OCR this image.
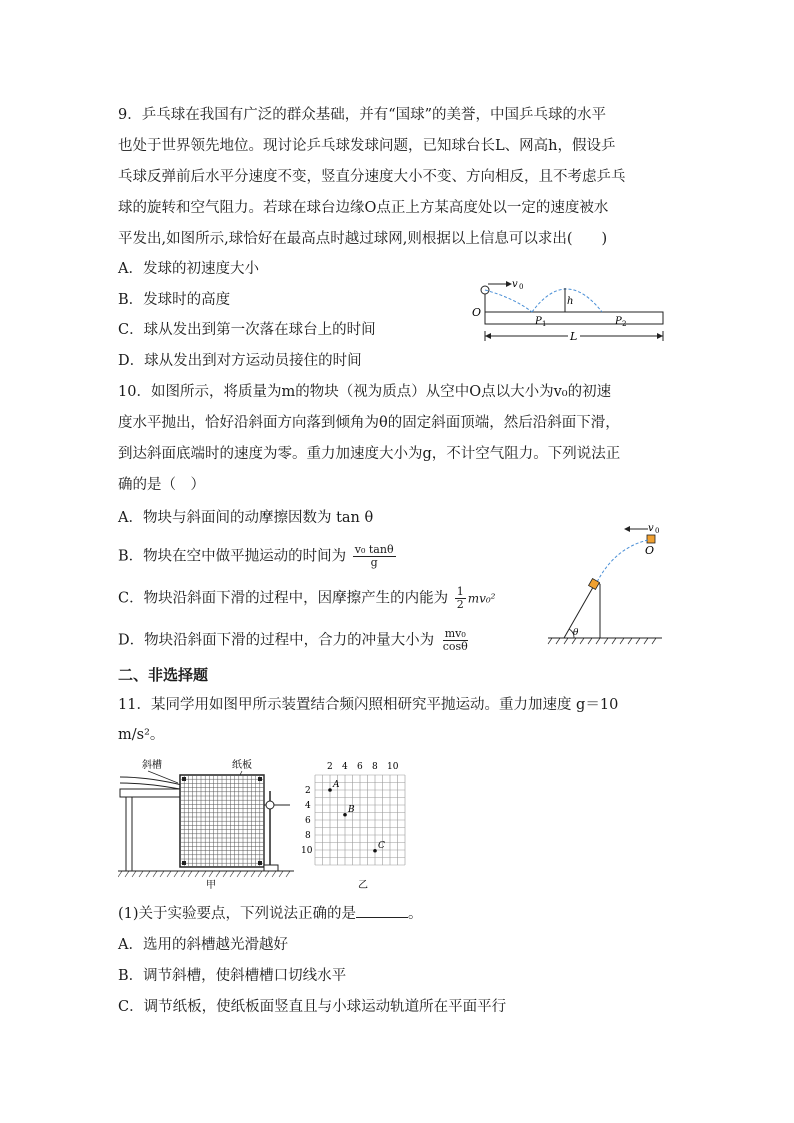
9．乒乓球在我国有广泛的群众基础，并有“国球”的美誉，中国乒乓球的水平
也处于世界领先地位。现讨论乒乓球发球问题，已知球台长L、网高h，假设乒
乓球反弹前后水平分速度不变，竖直分速度大小不变、方向相反，且不考虑乒乓
球的旋转和空气阻力。若球在球台边缘O点正上方某高度处以一定的速度被水
平发出,如图所示,球恰好在最高点时越过球网,则根据以上信息可以求出(　　)
A．发球的初速度大小
B．发球时的高度
C．球从发出到第一次落在球台上的时间
D．球从发出到对方运动员接住的时间
v 0
h
O
P 1	P 2
L
10．如图所示，将质量为m的物块（视为质点）从空中O点以大小为v₀的初速
度水平抛出，恰好沿斜面方向落到倾角为θ的固定斜面顶端，然后沿斜面下滑，
到达斜面底端时的速度为零。重力加速度大小为g，不计空气阻力。下列说法正
确的是（　）
A．物块与斜面间的动摩擦因数为 tan θ
B．物块在空中做平抛运动的时间为 $\frac{\text{v₀ tanθ}}{g}$
C．物块沿斜面下滑的过程中，因摩擦产生的内能为 $\frac{1}{2} mv_0^2$
D．物块沿斜面下滑的过程中，合力的冲量大小为 $\frac{\text{mv₀}}{\cos\theta}$
v 0
O
θ
二、非选择题
11．某同学用如图甲所示装置结合频闪照相研究平抛运动。重力加速度 g＝10
m/s²。
斜槽	纸板
甲
2 4 6 8 10
2
4
6
8
10
A
B
C
乙
(1)关于实验要点，下列说法正确的是	。
A．选用的斜槽越光滑越好
B．调节斜槽，使斜槽槽口切线水平
C．调节纸板，使纸板面竖直且与小球运动轨道所在平面平行
